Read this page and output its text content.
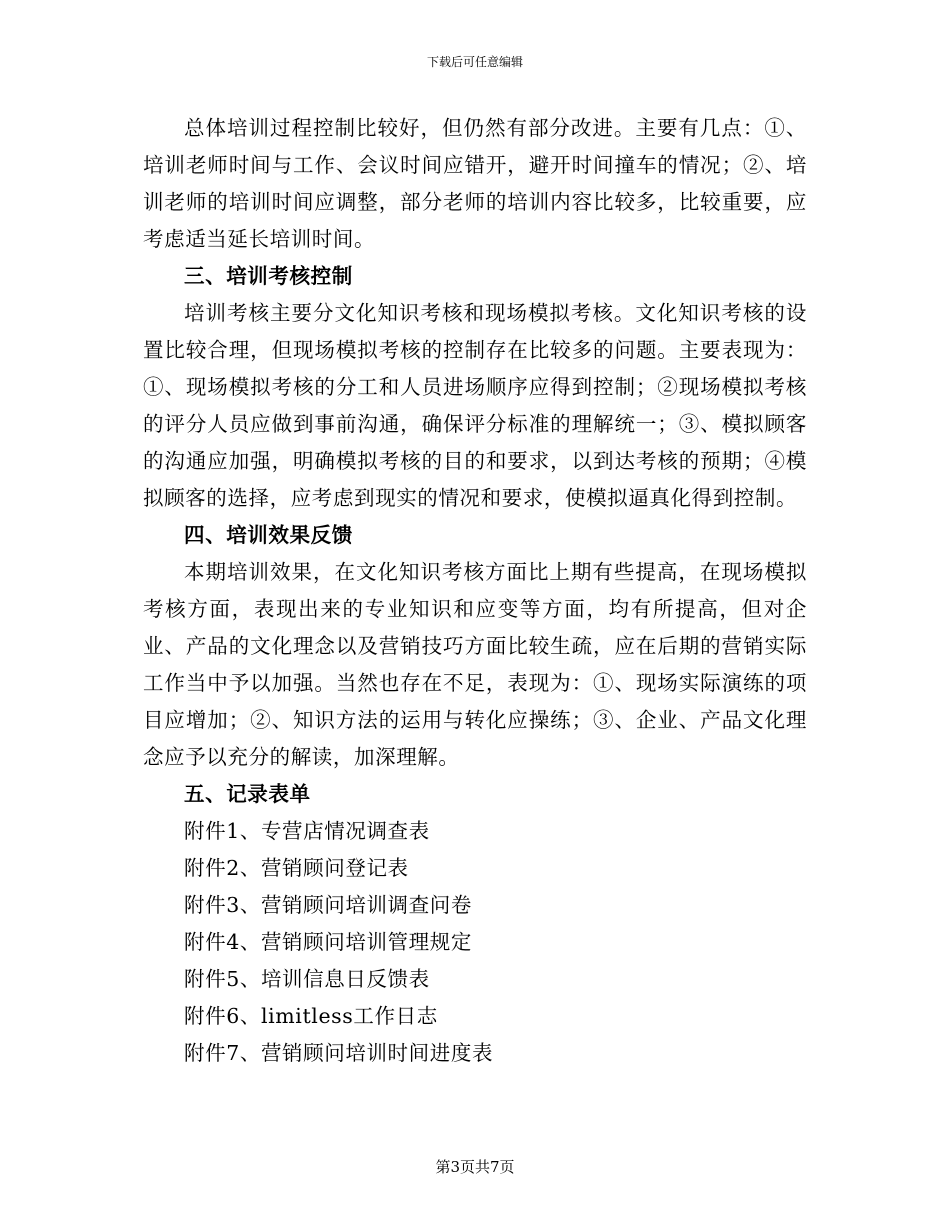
下载后可任意编辑

总体培训过程控制比较好，但仍然有部分改进。主要有几点：①、培训老师时间与工作、会议时间应错开，避开时间撞车的情况；②、培训老师的培训时间应调整，部分老师的培训内容比较多，比较重要，应考虑适当延长培训时间。

三、培训考核控制

培训考核主要分文化知识考核和现场模拟考核。文化知识考核的设置比较合理，但现场模拟考核的控制存在比较多的问题。主要表现为：①、现场模拟考核的分工和人员进场顺序应得到控制；②现场模拟考核的评分人员应做到事前沟通，确保评分标准的理解统一；③、模拟顾客的沟通应加强，明确模拟考核的目的和要求，以到达考核的预期；④模拟顾客的选择，应考虑到现实的情况和要求，使模拟逼真化得到控制。

四、培训效果反馈

本期培训效果，在文化知识考核方面比上期有些提高，在现场模拟考核方面，表现出来的专业知识和应变等方面，均有所提高，但对企业、产品的文化理念以及营销技巧方面比较生疏，应在后期的营销实际工作当中予以加强。当然也存在不足，表现为：①、现场实际演练的项目应增加；②、知识方法的运用与转化应操练；③、企业、产品文化理念应予以充分的解读，加深理解。

五、记录表单

附件1、专营店情况调查表
附件2、营销顾问登记表
附件3、营销顾问培训调查问卷
附件4、营销顾问培训管理规定
附件5、培训信息日反馈表
附件6、limitless工作日志
附件7、营销顾问培训时间进度表
第3页共7页
